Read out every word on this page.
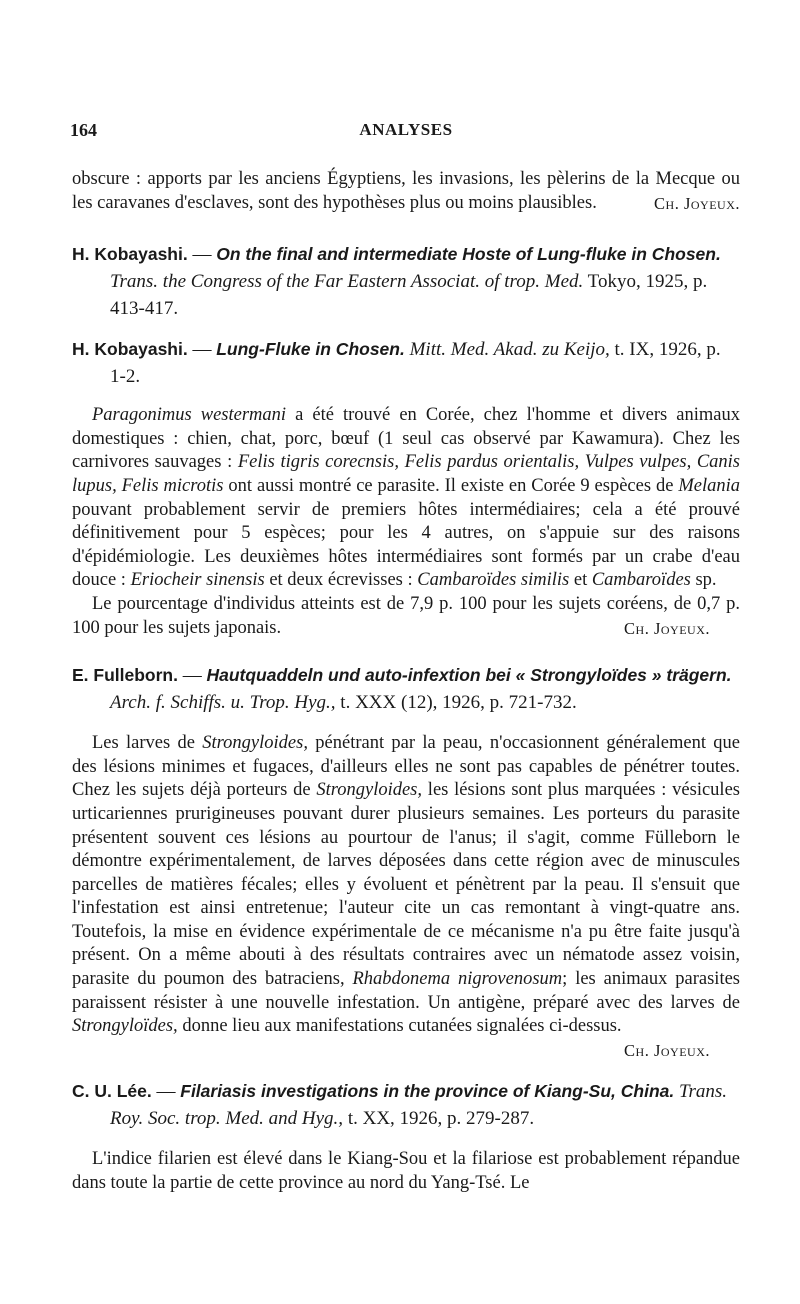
164	ANALYSES

obscure : apports par les anciens Égyptiens, les invasions, les pèlerins de la Mecque ou les caravanes d'esclaves, sont des hypothèses plus ou moins plausibles.	Ch. Joyeux.

H. Kobayashi. — On the final and intermediate Hoste of Lung-fluke in Chosen. Trans. the Congress of the Far Eastern Associat. of trop. Med. Tokyo, 1925, p. 413-417.

H. Kobayashi. — Lung-Fluke in Chosen. Mitt. Med. Akad. zu Keijo, t. IX, 1926, p. 1-2.

Paragonimus westermani a été trouvé en Corée, chez l'homme et divers animaux domestiques : chien, chat, porc, bœuf (1 seul cas observé par Kawamura). Chez les carnivores sauvages : Felis tigris corecnsis, Felis pardus orientalis, Vulpes vulpes, Canis lupus, Felis microtis ont aussi montré ce parasite. Il existe en Corée 9 espèces de Melania pouvant probablement servir de premiers hôtes intermédiaires; cela a été prouvé définitivement pour 5 espèces; pour les 4 autres, on s'appuie sur des raisons d'épidémiologie. Les deuxièmes hôtes intermédiaires sont formés par un crabe d'eau douce : Eriocheir sinensis et deux écrevisses : Cambaroïdes similis et Cambaroïdes sp.

Le pourcentage d'individus atteints est de 7,9 p. 100 pour les sujets coréens, de 0,7 p. 100 pour les sujets japonais.	Ch. Joyeux.

E. Fulleborn. — Hautquaddeln und auto-infextion bei « Strongyloïdes » trägern. Arch. f. Schiffs. u. Trop. Hyg., t. XXX (12), 1926, p. 721-732.

Les larves de Strongyloides, pénétrant par la peau, n'occasionnent généralement que des lésions minimes et fugaces, d'ailleurs elles ne sont pas capables de pénétrer toutes. Chez les sujets déjà porteurs de Strongyloides, les lésions sont plus marquées : vésicules urticariennes prurigineuses pouvant durer plusieurs semaines. Les porteurs du parasite présentent souvent ces lésions au pourtour de l'anus; il s'agit, comme Fülleborn le démontre expérimentalement, de larves déposées dans cette région avec de minuscules parcelles de matières fécales; elles y évoluent et pénètrent par la peau. Il s'ensuit que l'infestation est ainsi entretenue; l'auteur cite un cas remontant à vingt-quatre ans. Toutefois, la mise en évidence expérimentale de ce mécanisme n'a pu être faite jusqu'à présent. On a même abouti à des résultats contraires avec un nématode assez voisin, parasite du poumon des batraciens, Rhabdonema nigrovenosum; les animaux parasites paraissent résister à une nouvelle infestation. Un antigène, préparé avec des larves de Strongyloïdes, donne lieu aux manifestations cutanées signalées ci-dessus.

Ch. Joyeux.

C. U. Lée. — Filariasis investigations in the province of Kiang-Su, China. Trans. Roy. Soc. trop. Med. and Hyg., t. XX, 1926, p. 279-287.

L'indice filarien est élevé dans le Kiang-Sou et la filariose est probablement répandue dans toute la partie de cette province au nord du Yang-Tsé. Le
